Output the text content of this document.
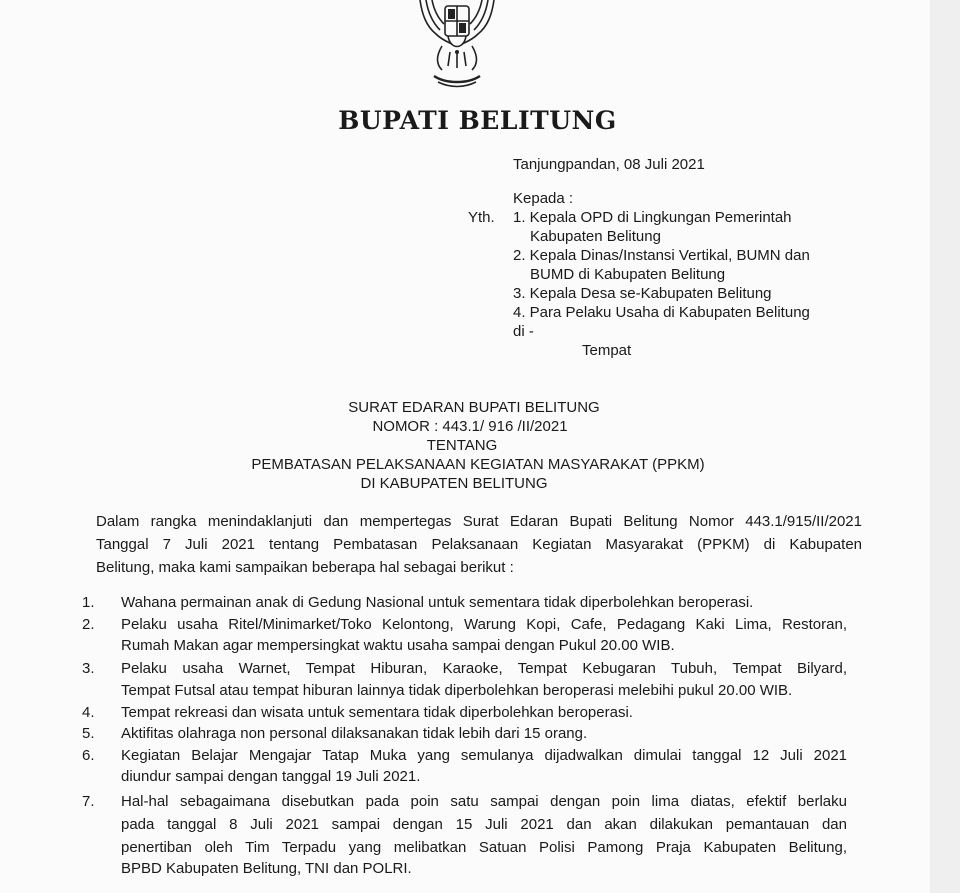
BUPATI BELITUNG
Tanjungpandan, 08 Juli 2021
Kepada :
Yth. 1. Kepala OPD di Lingkungan Pemerintah
Kabupaten Belitung
2. Kepala Dinas/Instansi Vertikal, BUMN dan
BUMD di Kabupaten Belitung
3. Kepala Desa se-Kabupaten Belitung
4. Para Pelaku Usaha di Kabupaten Belitung
di -
Tempat
SURAT EDARAN BUPATI BELITUNG
NOMOR : 443.1/ 916 /II/2021
TENTANG
PEMBATASAN PELAKSANAAN KEGIATAN MASYARAKAT (PPKM)
DI KABUPATEN BELITUNG
Dalam rangka menindaklanjuti dan mempertegas Surat Edaran Bupati Belitung Nomor 443.1/915/II/2021
Tanggal 7 Juli 2021 tentang Pembatasan Pelaksanaan Kegiatan Masyarakat (PPKM) di Kabupaten
Belitung, maka kami sampaikan beberapa hal sebagai berikut :
1. Wahana permainan anak di Gedung Nasional untuk sementara tidak diperbolehkan beroperasi.
2. Pelaku usaha Ritel/Minimarket/Toko Kelontong, Warung Kopi, Cafe, Pedagang Kaki Lima, Restoran,
Rumah Makan agar mempersingkat waktu usaha sampai dengan Pukul 20.00 WIB.
3. Pelaku usaha Warnet, Tempat Hiburan, Karaoke, Tempat Kebugaran Tubuh, Tempat Bilyard,
Tempat Futsal atau tempat hiburan lainnya tidak diperbolehkan beroperasi melebihi pukul 20.00 WIB.
4. Tempat rekreasi dan wisata untuk sementara tidak diperbolehkan beroperasi.
5. Aktifitas olahraga non personal dilaksanakan tidak lebih dari 15 orang.
6. Kegiatan Belajar Mengajar Tatap Muka yang semulanya dijadwalkan dimulai tanggal 12 Juli 2021
diundur sampai dengan tanggal 19 Juli 2021.
7. Hal-hal sebagaimana disebutkan pada poin satu sampai dengan poin lima diatas, efektif berlaku
pada tanggal 8 Juli 2021 sampai dengan 15 Juli 2021 dan akan dilakukan pemantauan dan
penertiban oleh Tim Terpadu yang melibatkan Satuan Polisi Pamong Praja Kabupaten Belitung,
BPBD Kabupaten Belitung, TNI dan POLRI.
